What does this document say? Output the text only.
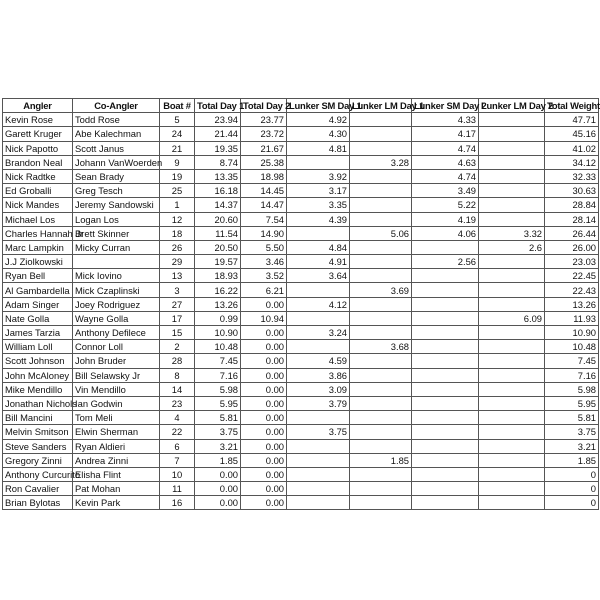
Angler	Co-Angler	Boat #	Total Day 1	Total Day 2	Lunker SM Day 1	Lunker LM Day 1	Lunker SM Day 2	Lunker LM Day 2	Total Weight
Kevin Rose	Todd Rose	5	23.94	23.77	4.92		4.33		47.71
Garett Kruger	Abe Kalechman	24	21.44	23.72	4.30		4.17		45.16
Nick Papotto	Scott Janus	21	19.35	21.67	4.81		4.74		41.02
Brandon Neal	Johann VanWoerden	9	8.74	25.38		3.28	4.63		34.12
Nick Radtke	Sean Brady	19	13.35	18.98	3.92		4.74		32.33
Ed Groballi	Greg Tesch	25	16.18	14.45	3.17		3.49		30.63
Nick Mandes	Jeremy Sandowski	1	14.37	14.47	3.35		5.22		28.84
Michael Los	Logan Los	12	20.60	7.54	4.39		4.19		28.14
Charles Hannah Jr	Brett Skinner	18	11.54	14.90		5.06	4.06	3.32	26.44
Marc Lampkin	Micky Curran	26	20.50	5.50	4.84			2.6	26.00
J.J Ziolkowski		29	19.57	3.46	4.91		2.56		23.03
Ryan Bell	Mick Iovino	13	18.93	3.52	3.64				22.45
Al Gambardella	Mick Czaplinski	3	16.22	6.21		3.69			22.43
Adam Singer	Joey Rodriguez	27	13.26	0.00	4.12				13.26
Nate Golla	Wayne Golla	17	0.99	10.94				6.09	11.93
James Tarzia	Anthony Defilece	15	10.90	0.00	3.24				10.90
William Loll	Connor Loll	2	10.48	0.00		3.68			10.48
Scott Johnson	John Bruder	28	7.45	0.00	4.59				7.45
John McAloney	Bill Selawsky Jr	8	7.16	0.00	3.86				7.16
Mike Mendillo	Vin Mendillo	14	5.98	0.00	3.09				5.98
Jonathan Nichols	Ian Godwin	23	5.95	0.00	3.79				5.95
Bill Mancini	Tom Meli	4	5.81	0.00					5.81
Melvin Smitson	Elwin Sherman	22	3.75	0.00	3.75				3.75
Steve Sanders	Ryan Aldieri	6	3.21	0.00					3.21
Gregory Zinni	Andrea Zinni	7	1.85	0.00		1.85			1.85
Anthony Curcurito	Elisha Flint	10	0.00	0.00					0
Ron Cavalier	Pat Mohan	11	0.00	0.00					0
Brian Bylotas	Kevin Park	16	0.00	0.00					0
